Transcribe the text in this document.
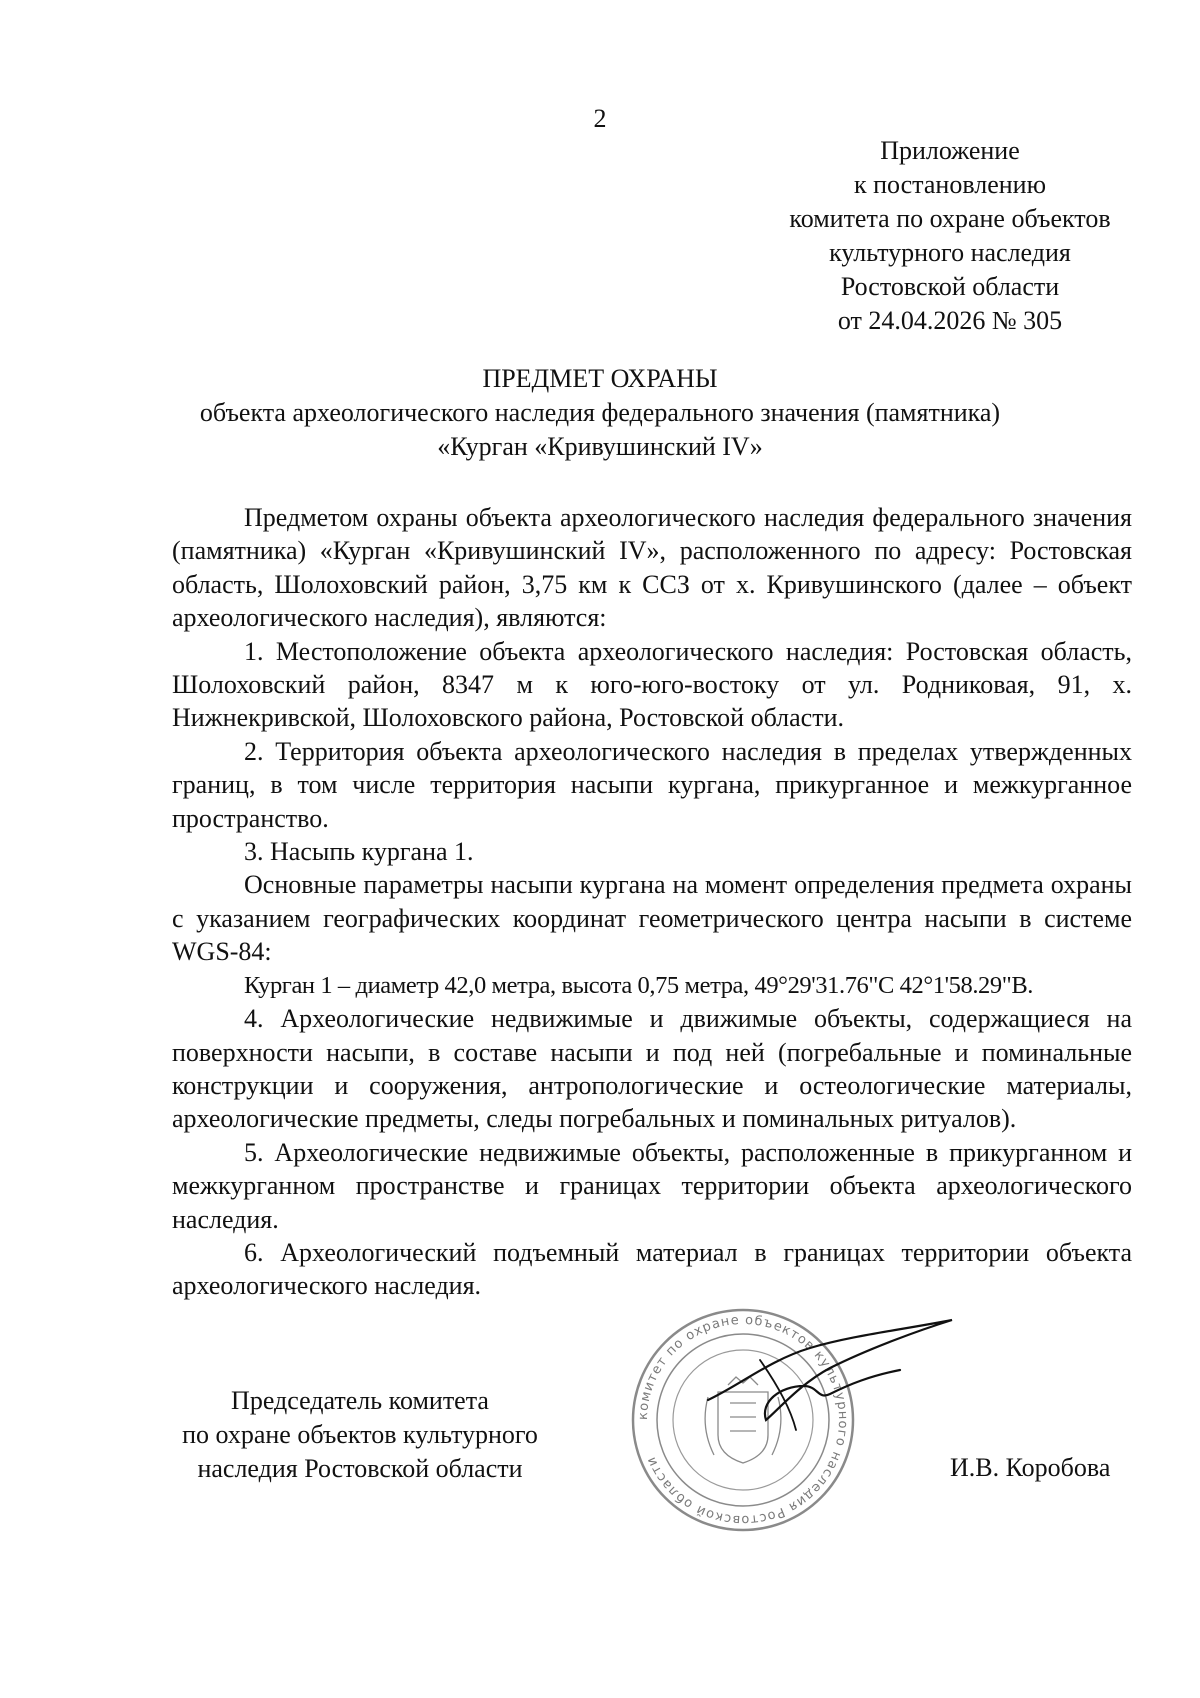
2
Приложение
к постановлению
комитета по охране объектов
культурного наследия
Ростовской области
от 24.04.2026 № 305
ПРЕДМЕТ ОХРАНЫ
объекта археологического наследия федерального значения (памятника)
«Курган «Кривушинский IV»

Предметом охраны объекта археологического наследия федерального значения (памятника) «Курган «Кривушинский IV», расположенного по адресу: Ростовская область, Шолоховский район, 3,75 км к ССЗ от х. Кривушинского (далее – объект археологического наследия), являются:

1. Местоположение объекта археологического наследия: Ростовская область, Шолоховский район, 8347 м к юго-юго-востоку от ул. Родниковая, 91, х. Нижнекривской, Шолоховского района, Ростовской области.

2. Территория объекта археологического наследия в пределах утвержденных границ, в том числе территория насыпи кургана, прикурганное и межкурганное пространство.

3. Насыпь кургана 1.

Основные параметры насыпи кургана на момент определения предмета охраны с указанием географических координат геометрического центра насыпи в системе WGS-84:

Курган 1 – диаметр 42,0 метра, высота 0,75 метра, 49°29'31.76"С 42°1'58.29"В.

4. Археологические недвижимые и движимые объекты, содержащиеся на поверхности насыпи, в составе насыпи и под ней (погребальные и поминальные конструкции и сооружения, антропологические и остеологические материалы, археологические предметы, следы погребальных и поминальных ритуалов).

5. Археологические недвижимые объекты, расположенные в прикурганном и межкурганном пространстве и границах территории объекта археологического наследия.

6. Археологический подъемный материал в границах территории объекта археологического наследия.

Председатель комитета
по охране объектов культурного
наследия Ростовской области
комитет по охране объектов культурного наследия Ростовской области	И.В. Коробова
